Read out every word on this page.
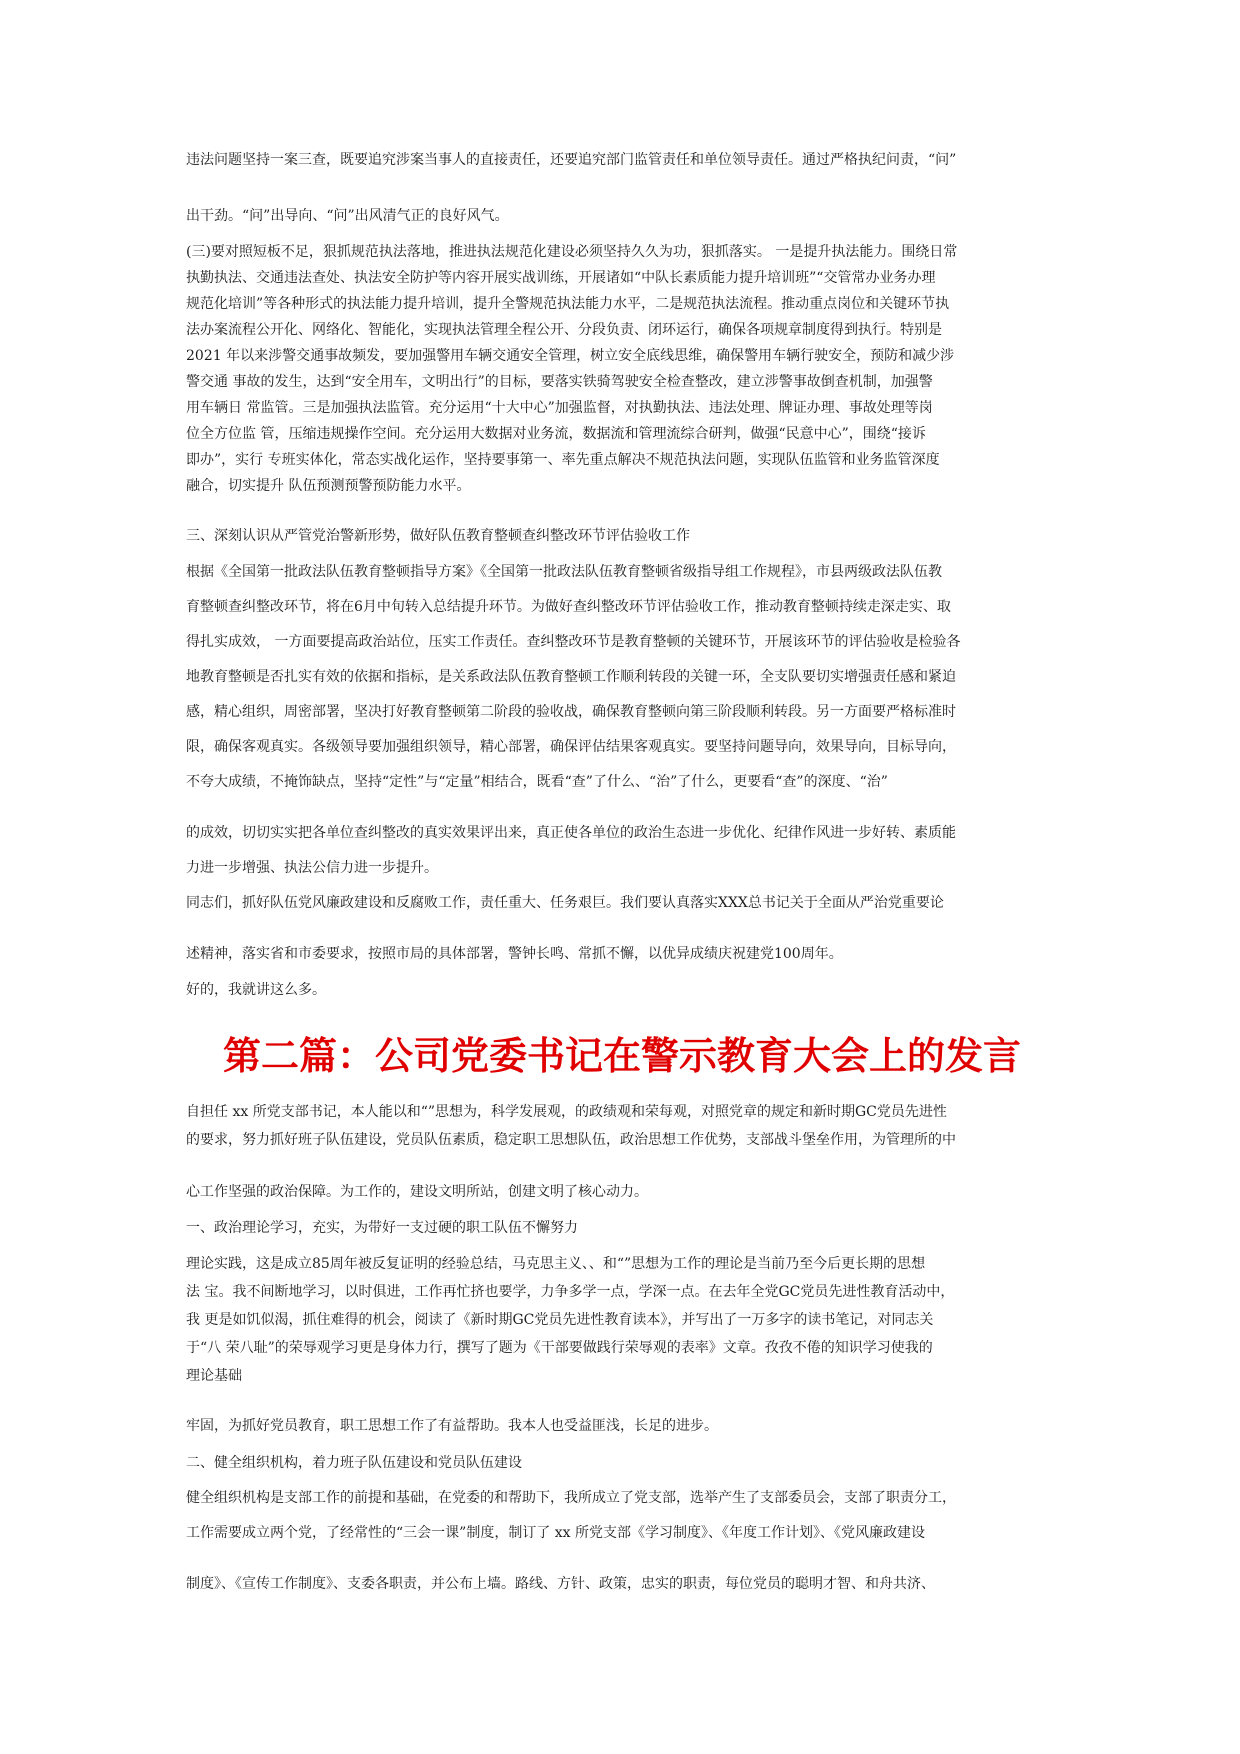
违法问题坚持一案三查，既要追究涉案当事人的直接责任，还要追究部门监管责任和单位领导责任。通过严格执纪问责，“问”
出干劲。“问”出导向、“问”出风清气正的良好风气。
(三)要对照短板不足，狠抓规范执法落地，推进执法规范化建设必须坚持久久为功，狠抓落实。 一是提升执法能力。围绕日常
执勤执法、交通违法查处、执法安全防护等内容开展实战训练，开展诸如“中队长素质能力提升培训班”“交管常办业务办理
规范化培训”等各种形式的执法能力提升培训，提升全警规范执法能力水平，二是规范执法流程。推动重点岗位和关键环节执
法办案流程公开化、网络化、智能化，实现执法管理全程公开、分段负责、闭环运行，确保各项规章制度得到执行。特别是
2021 年以来涉警交通事故频发，要加强警用车辆交通安全管理，树立安全底线思维，确保警用车辆行驶安全，预防和减少涉
警交通 事故的发生，达到“安全用车，文明出行”的目标，要落实铁骑驾驶安全检查整改，建立涉警事故倒查机制，加强警
用车辆日 常监管。三是加强执法监管。充分运用“十大中心”加强监督，对执勤执法、违法处理、牌证办理、事故处理等岗
位全方位监 管，压缩违规操作空间。充分运用大数据对业务流，数据流和管理流综合研判，做强“民意中心”，围绕“接诉
即办”，实行 专班实体化，常态实战化运作，坚持要事第一、率先重点解决不规范执法问题，实现队伍监管和业务监管深度
融合，切实提升 队伍预测预警预防能力水平。
三、深刻认识从严管党治警新形势，做好队伍教育整顿查纠整改环节评估验收工作
根据《全国第一批政法队伍教育整顿指导方案》《全国第一批政法队伍教育整顿省级指导组工作规程》，市县两级政法队伍教
育整顿查纠整改环节，将在6月中旬转入总结提升环节。为做好查纠整改环节评估验收工作，推动教育整顿持续走深走实、取
得扎实成效， 一方面要提高政治站位，压实工作责任。查纠整改环节是教育整顿的关键环节，开展该环节的评估验收是检验各
地教育整顿是否扎实有效的依据和指标，是关系政法队伍教育整顿工作顺利转段的关键一环，全支队要切实增强责任感和紧迫
感，精心组织，周密部署，坚决打好教育整顿第二阶段的验收战，确保教育整顿向第三阶段顺利转段。另一方面要严格标准时
限，确保客观真实。各级领导要加强组织领导，精心部署，确保评估结果客观真实。要坚持问题导向，效果导向，目标导向，
不夸大成绩，不掩饰缺点，坚持“定性”与“定量”相结合，既看“查”了什么、“治”了什么，更要看“查”的深度、“治”
的成效，切切实实把各单位查纠整改的真实效果评出来，真正使各单位的政治生态进一步优化、纪律作风进一步好转、素质能
力进一步增强、执法公信力进一步提升。
同志们，抓好队伍党风廉政建设和反腐败工作，责任重大、任务艰巨。我们要认真落实XXX总书记关于全面从严治党重要论
述精神，落实省和市委要求，按照市局的具体部署，警钟长鸣、常抓不懈，以优异成绩庆祝建党100周年。
好的，我就讲这么多。
第二篇：公司党委书记在警示教育大会上的发言
自担任 xx 所党支部书记，本人能以和“”思想为，科学发展观，的政绩观和荣每观，对照党章的规定和新时期GC党员先进性
的要求，努力抓好班子队伍建设，党员队伍素质，稳定职工思想队伍，政治思想工作优势，支部战斗堡垒作用，为管理所的中
心工作坚强的政治保障。为工作的，建设文明所站，创建文明了核心动力。
一、政治理论学习，充实，为带好一支过硬的职工队伍不懈努力
理论实践，这是成立85周年被反复证明的经验总结，马克思主义、、和“”思想为工作的理论是当前乃至今后更长期的思想
法 宝。我不间断地学习，以时俱进，工作再忙挤也要学，力争多学一点，学深一点。在去年全党GC党员先进性教育活动中，
我 更是如饥似渴，抓住难得的机会，阅读了《新时期GC党员先进性教育读本》，并写出了一万多字的读书笔记，对同志关
于“八 荣八耻”的荣辱观学习更是身体力行，撰写了题为《干部要做践行荣辱观的表率》文章。孜孜不倦的知识学习使我的
理论基础
牢固，为抓好党员教育，职工思想工作了有益帮助。我本人也受益匪浅，长足的进步。
二、健全组织机构，着力班子队伍建设和党员队伍建设
健全组织机构是支部工作的前提和基础，在党委的和帮助下，我所成立了党支部，选举产生了支部委员会，支部了职责分工，
工作需要成立两个党，了经常性的“三会一课”制度，制订了 xx 所党支部《学习制度》、《年度工作计划》、《党风廉政建设
制度》、《宣传工作制度》、支委各职责，并公布上墙。路线、方针、政策，忠实的职责，每位党员的聪明才智、和舟共济、
